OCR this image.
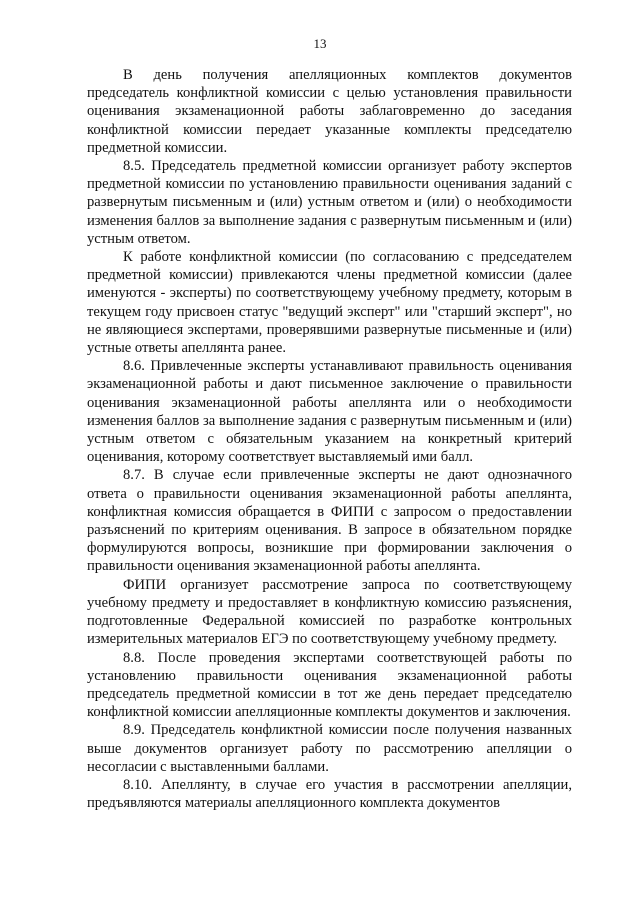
13

В день получения апелляционных комплектов документов председатель конфликтной комиссии с целью установления правильности оценивания экзаменационной работы заблаговременно до заседания конфликтной комиссии передает указанные комплекты председателю предметной комиссии.

8.5. Председатель предметной комиссии организует работу экспертов предметной комиссии по установлению правильности оценивания заданий с развернутым письменным и (или) устным ответом и (или) о необходимости изменения баллов за выполнение задания с развернутым письменным и (или) устным ответом.

К работе конфликтной комиссии (по согласованию с председателем предметной комиссии) привлекаются члены предметной комиссии (далее именуются - эксперты) по соответствующему учебному предмету, которым в текущем году присвоен статус "ведущий эксперт" или "старший эксперт", но не являющиеся экспертами, проверявшими развернутые письменные и (или) устные ответы апеллянта ранее.

8.6. Привлеченные эксперты устанавливают правильность оценивания экзаменационной работы и дают письменное заключение о правильности оценивания экзаменационной работы апеллянта или о необходимости изменения баллов за выполнение задания с развернутым письменным и (или) устным ответом с обязательным указанием на конкретный критерий оценивания, которому соответствует выставляемый ими балл.

8.7. В случае если привлеченные эксперты не дают однозначного ответа о правильности оценивания экзаменационной работы апеллянта, конфликтная комиссия обращается в ФИПИ с запросом о предоставлении разъяснений по критериям оценивания. В запросе в обязательном порядке формулируются вопросы, возникшие при формировании заключения о правильности оценивания экзаменационной работы апеллянта.

ФИПИ организует рассмотрение запроса по соответствующему учебному предмету и предоставляет в конфликтную комиссию разъяснения, подготовленные Федеральной комиссией по разработке контрольных измерительных материалов ЕГЭ по соответствующему учебному предмету.

8.8. После проведения экспертами соответствующей работы по установлению правильности оценивания экзаменационной работы председатель предметной комиссии в тот же день передает председателю конфликтной комиссии апелляционные комплекты документов и заключения.

8.9. Председатель конфликтной комиссии после получения названных выше документов организует работу по рассмотрению апелляции о несогласии с выставленными баллами.

8.10. Апеллянту, в случае его участия в рассмотрении апелляции, предъявляются материалы апелляционного комплекта документов
